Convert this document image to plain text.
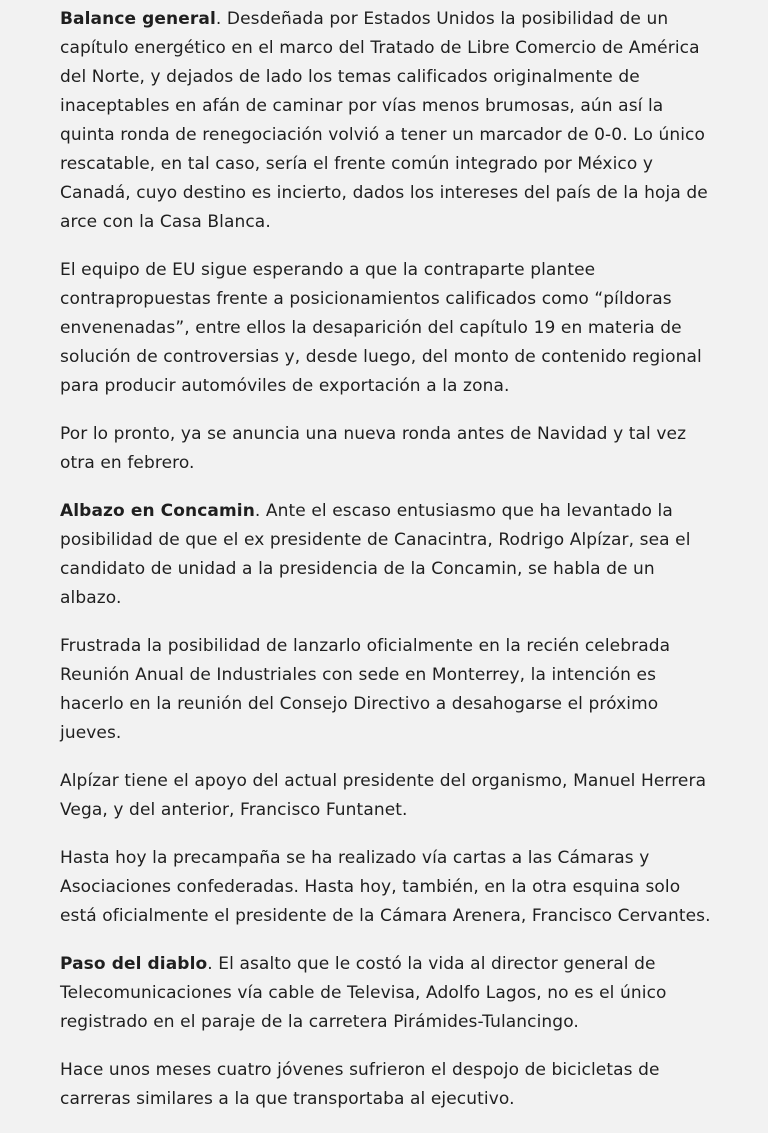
Balance general. Desdeñada por Estados Unidos la posibilidad de un capítulo energético en el marco del Tratado de Libre Comercio de América del Norte, y dejados de lado los temas calificados originalmente de inaceptables en afán de caminar por vías menos brumosas, aún así la quinta ronda de renegociación volvió a tener un marcador de 0-0. Lo único rescatable, en tal caso, sería el frente común integrado por México y Canadá, cuyo destino es incierto, dados los intereses del país de la hoja de arce con la Casa Blanca.

El equipo de EU sigue esperando a que la contraparte plantee contrapropuestas frente a posicionamientos calificados como “píldoras envenenadas”, entre ellos la desaparición del capítulo 19 en materia de solución de controversias y, desde luego, del monto de contenido regional para producir automóviles de exportación a la zona.

Por lo pronto, ya se anuncia una nueva ronda antes de Navidad y tal vez otra en febrero.

Albazo en Concamin. Ante el escaso entusiasmo que ha levantado la posibilidad de que el ex presidente de Canacintra, Rodrigo Alpízar, sea el candidato de unidad a la presidencia de la Concamin, se habla de un albazo.

Frustrada la posibilidad de lanzarlo oficialmente en la recién celebrada Reunión Anual de Industriales con sede en Monterrey, la intención es hacerlo en la reunión del Consejo Directivo a desahogarse el próximo jueves.

Alpízar tiene el apoyo del actual presidente del organismo, Manuel Herrera Vega, y del anterior, Francisco Funtanet.

Hasta hoy la precampaña se ha realizado vía cartas a las Cámaras y Asociaciones confederadas. Hasta hoy, también, en la otra esquina solo está oficialmente el presidente de la Cámara Arenera, Francisco Cervantes.

Paso del diablo. El asalto que le costó la vida al director general de Telecomunicaciones vía cable de Televisa, Adolfo Lagos, no es el único registrado en el paraje de la carretera Pirámides-Tulancingo.

Hace unos meses cuatro jóvenes sufrieron el despojo de bicicletas de carreras similares a la que transportaba al ejecutivo.
